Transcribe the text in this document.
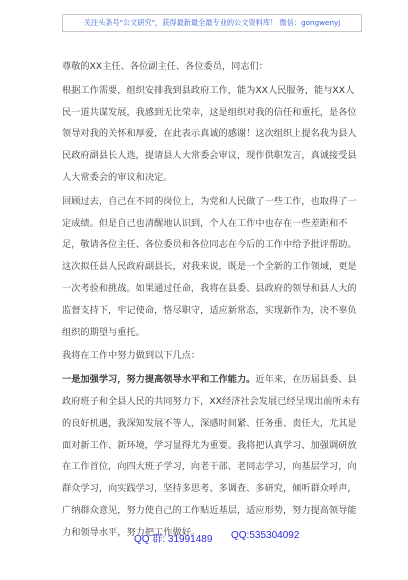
关注头条号"公文研究"，获得最新最全最专业的公文资料库！ 微信：gongwenyj

尊敬的XX主任、各位副主任、各位委员，同志们：

根据工作需要，组织安排我到县政府工作，能为XX人民服务，能与XX人民一道共谋发展，我感到无比荣幸，这是组织对我的信任和重托，是各位领导对我的关怀和厚爱，在此表示真诚的感谢！这次组织上提名我为县人民政府副县长人选，提请县人大常委会审议，现作供职发言，真诚接受县人大常委会的审议和决定。

回顾过去，自己在不同的岗位上，为党和人民做了一些工作，也取得了一定成绩。但是自己也清醒地认识到，个人在工作中也存在一些差距和不足，敬请各位主任、各位委员和各位同志在今后的工作中给予批评帮助。这次拟任县人民政府副县长，对我来说，既是一个全新的工作领域，更是一次考验和挑战。如果通过任命，我将在县委、县政府的领导和县人大的监督支持下，牢记使命，恪尽职守，适应新常态，实现新作为，决不辜负组织的期望与重托。

我将在工作中努力做到以下几点：

一是加强学习，努力提高领导水平和工作能力。近年来，在历届县委、县政府班子和全县人民的共同努力下，XX经济社会发展已经呈现出前所未有的良好机遇，我深知发展不等人，深感时间紧、任务重、责任大，尤其是面对新工作、新环境，学习显得尤为重要。我将把认真学习、加强调研放在工作首位，向四大班子学习，向老干部、老同志学习，向基层学习，向群众学习，向实践学习，坚持多思考、多调查、多研究，倾听群众呼声，广纳群众意见，努力使自己的工作贴近基层，适应形势，努力提高领导能力和领导水平，努力把工作做好。

QQ 群: 31991489 QQ:535304092
